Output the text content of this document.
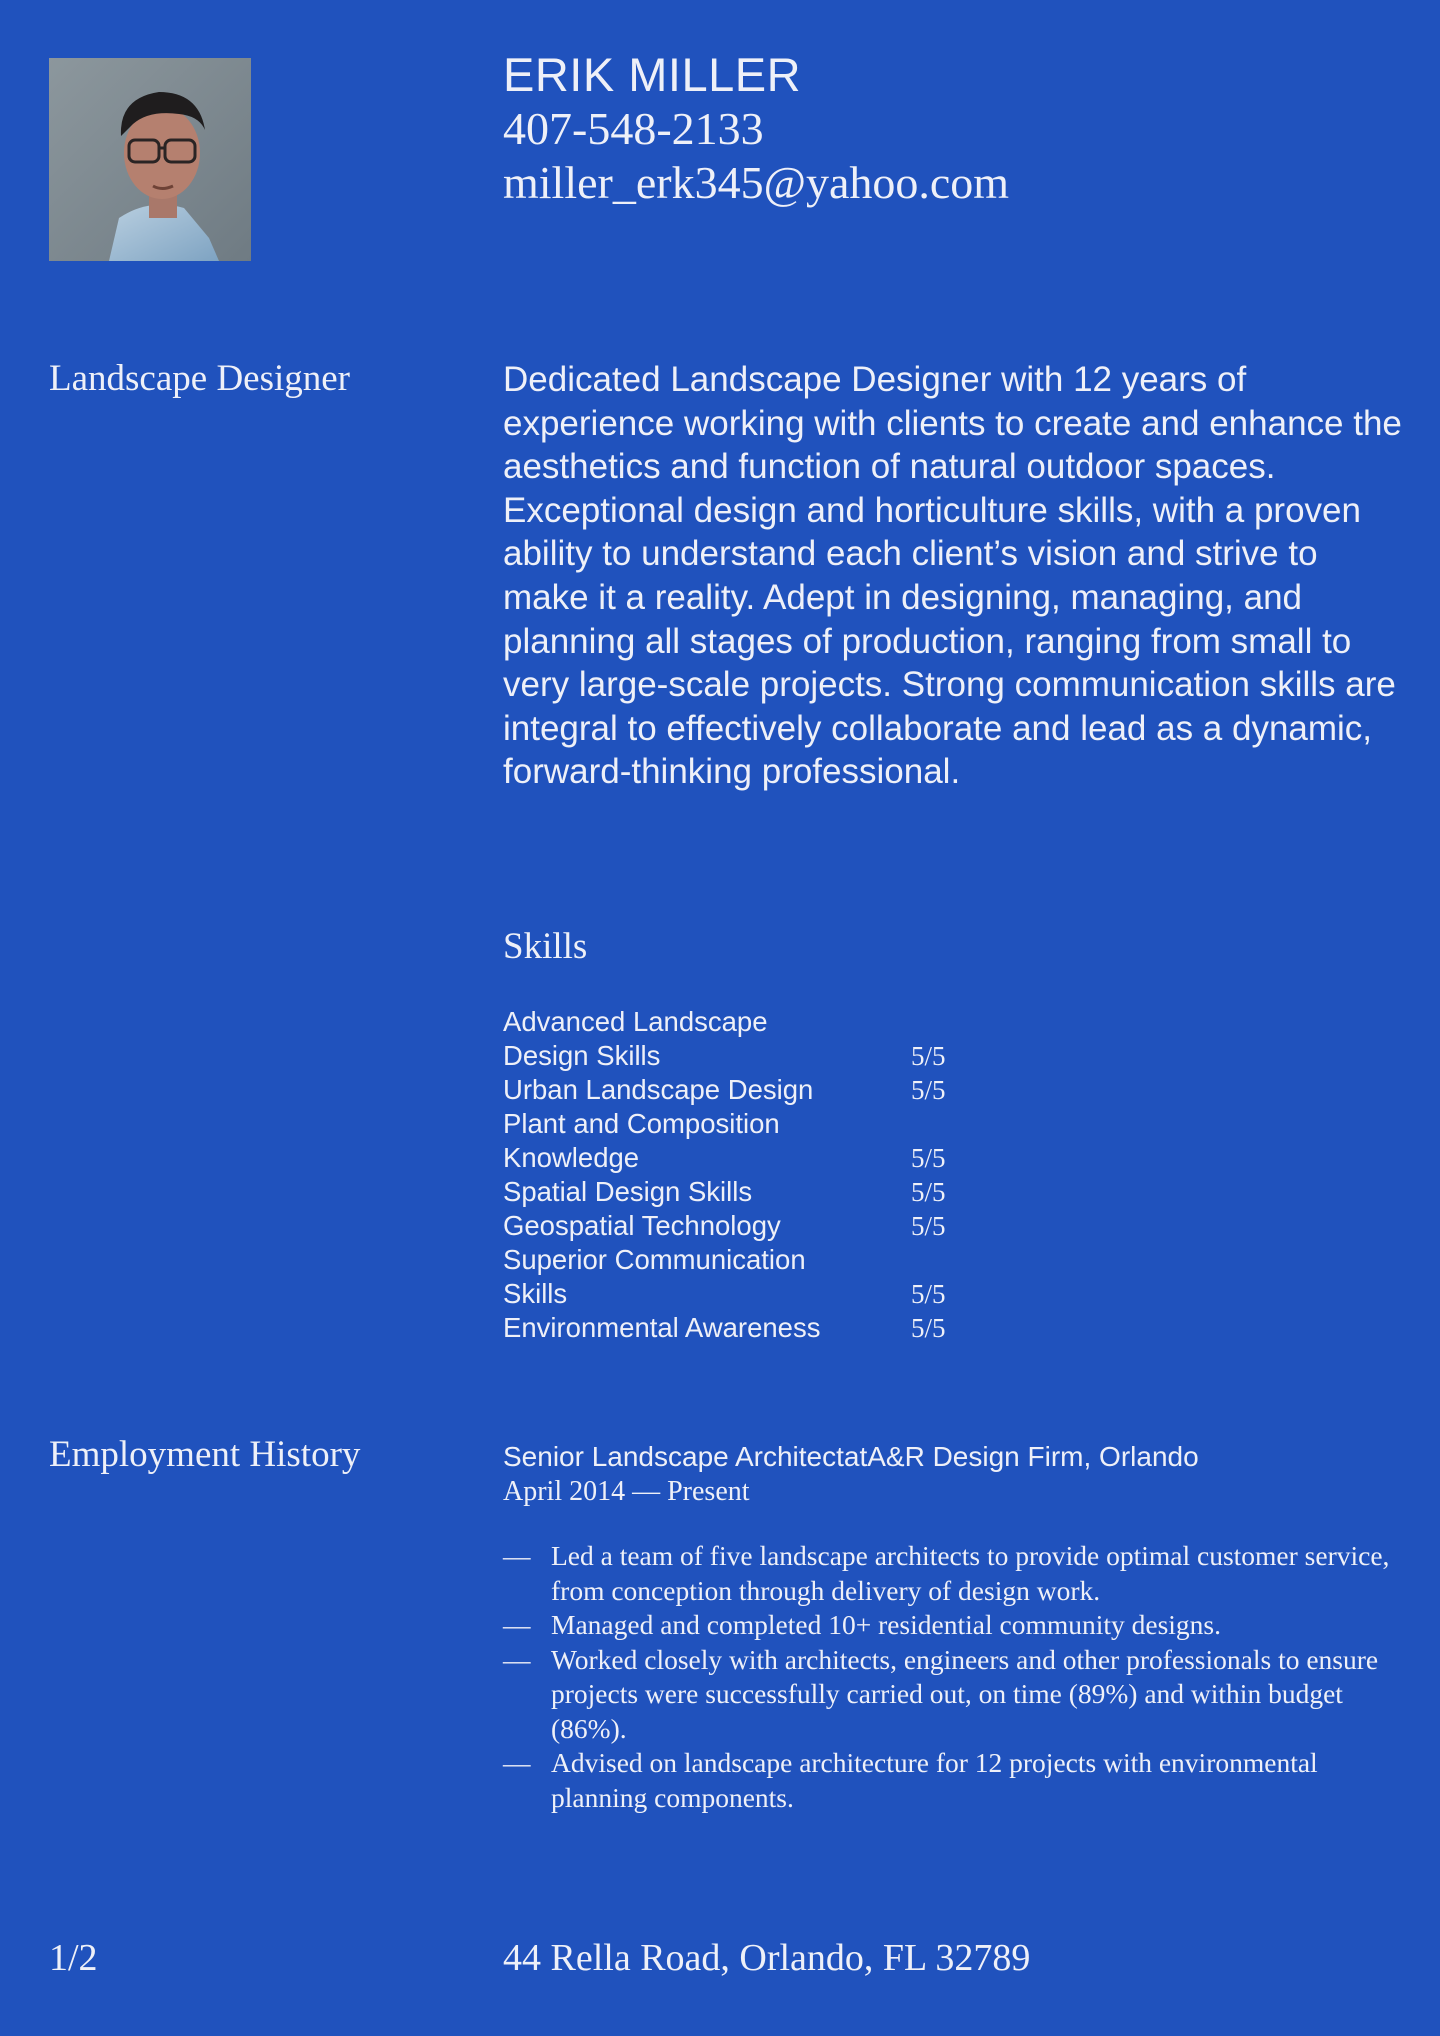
ERIK MILLER
407-548-2133
miller_erk345@yahoo.com
Landscape Designer	Dedicated Landscape Designer with 12 years of experience working with clients to create and enhance the aesthetics and function of natural outdoor spaces. Exceptional design and horticulture skills, with a proven ability to understand each client’s vision and strive to make it a reality. Adept in designing, managing, and planning all stages of production, ranging from small to very large-scale projects. Strong communication skills are integral to effectively collaborate and lead as a dynamic, forward-thinking professional.

Skills
Advanced Landscape Design Skills	5/5
Urban Landscape Design	5/5
Plant and Composition Knowledge	5/5
Spatial Design Skills	5/5
Geospatial Technology	5/5
Superior Communication Skills	5/5
Environmental Awareness	5/5
Employment History	Senior Landscape ArchitectatA&R Design Firm, Orlando
April 2014 — Present
— Led a team of five landscape architects to provide optimal customer service, from conception through delivery of design work.
— Managed and completed 10+ residential community designs.
— Worked closely with architects, engineers and other professionals to ensure projects were successfully carried out, on time (89%) and within budget (86%).
— Advised on landscape architecture for 12 projects with environmental planning components.
1/2	44 Rella Road, Orlando, FL 32789
